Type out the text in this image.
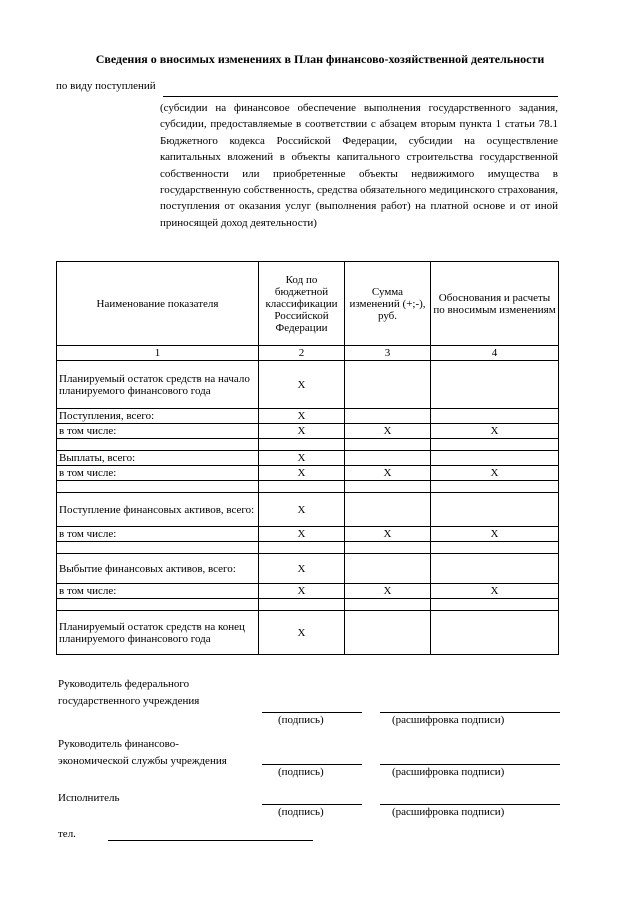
Сведения о вносимых изменениях в План финансово-хозяйственной деятельности
по виду поступлений
(субсидии на финансовое обеспечение выполнения государственного задания, субсидии, предоставляемые в соответствии с абзацем вторым пункта 1 статьи 78.1 Бюджетного кодекса Российской Федерации, субсидии на осуществление капитальных вложений в объекты капитального строительства государственной собственности или приобретенные объекты недвижимого имущества в государственную собственность, средства обязательного медицинского страхования, поступления от оказания услуг (выполнения работ) на платной основе и от иной приносящей доход деятельности)
Наименование показателя	Код по бюджетной классификации Российской Федерации	Сумма изменений (+;-), руб.	Обоснования и расчеты по вносимым изменениям
1	2	3	4
Планируемый остаток средств на начало планируемого финансового года	X		
Поступления, всего:	X		
в том числе:	X	X	X

Выплаты, всего:	X		
в том числе:	X	X	X

Поступление финансовых активов, всего:	X		
в том числе:	X	X	X

Выбытие финансовых активов, всего:	X		
в том числе:	X	X	X

Планируемый остаток средств на конец планируемого финансового года	X		
Руководитель федерального государственного учреждения
(подпись)	(расшифровка подписи)
Руководитель финансово-экономической службы учреждения
(подпись)	(расшифровка подписи)
Исполнитель
(подпись)	(расшифровка подписи)
тел.
